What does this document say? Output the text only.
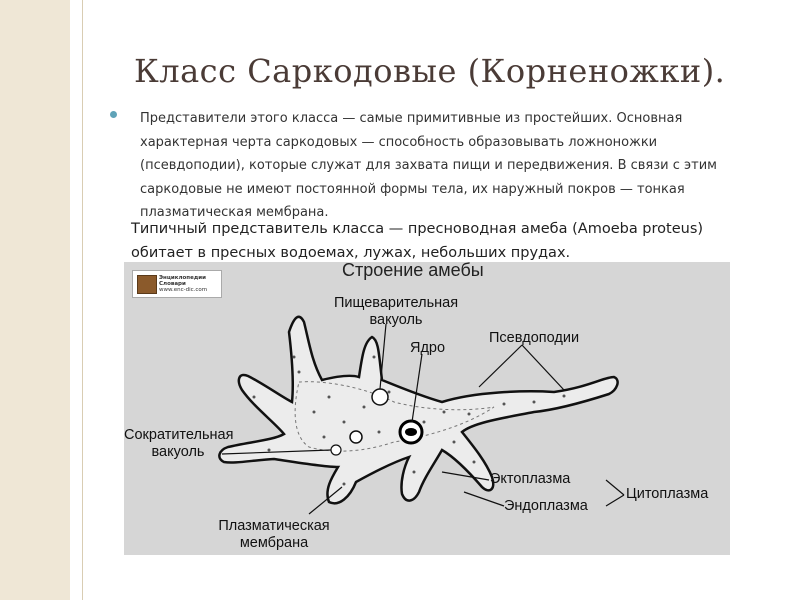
Класс Саркодовые (Корненожки).
Представители этого класса — самые примитивные из простейших. Основная характерная черта саркодовых — способность образовывать ложноножки (псевдоподии), которые служат для захвата пищи и передвижения. В связи с этим саркодовые не имеют постоянной формы тела, их наружный покров — тонкая плазматическая мембрана.
Типичный представитель класса — пресноводная амеба (Amoeba proteus) обитает в пресных водоемах, лужах, небольших прудах.
Энциклопедии
Словари
www.enc-dic.com
Строение амебы
Пищеварительная
вакуоль
Ядро
Псевдоподии
Сократительная
вакуоль
Эктоплазма
Эндоплазма
Цитоплазма
Плазматическая
мембрана
